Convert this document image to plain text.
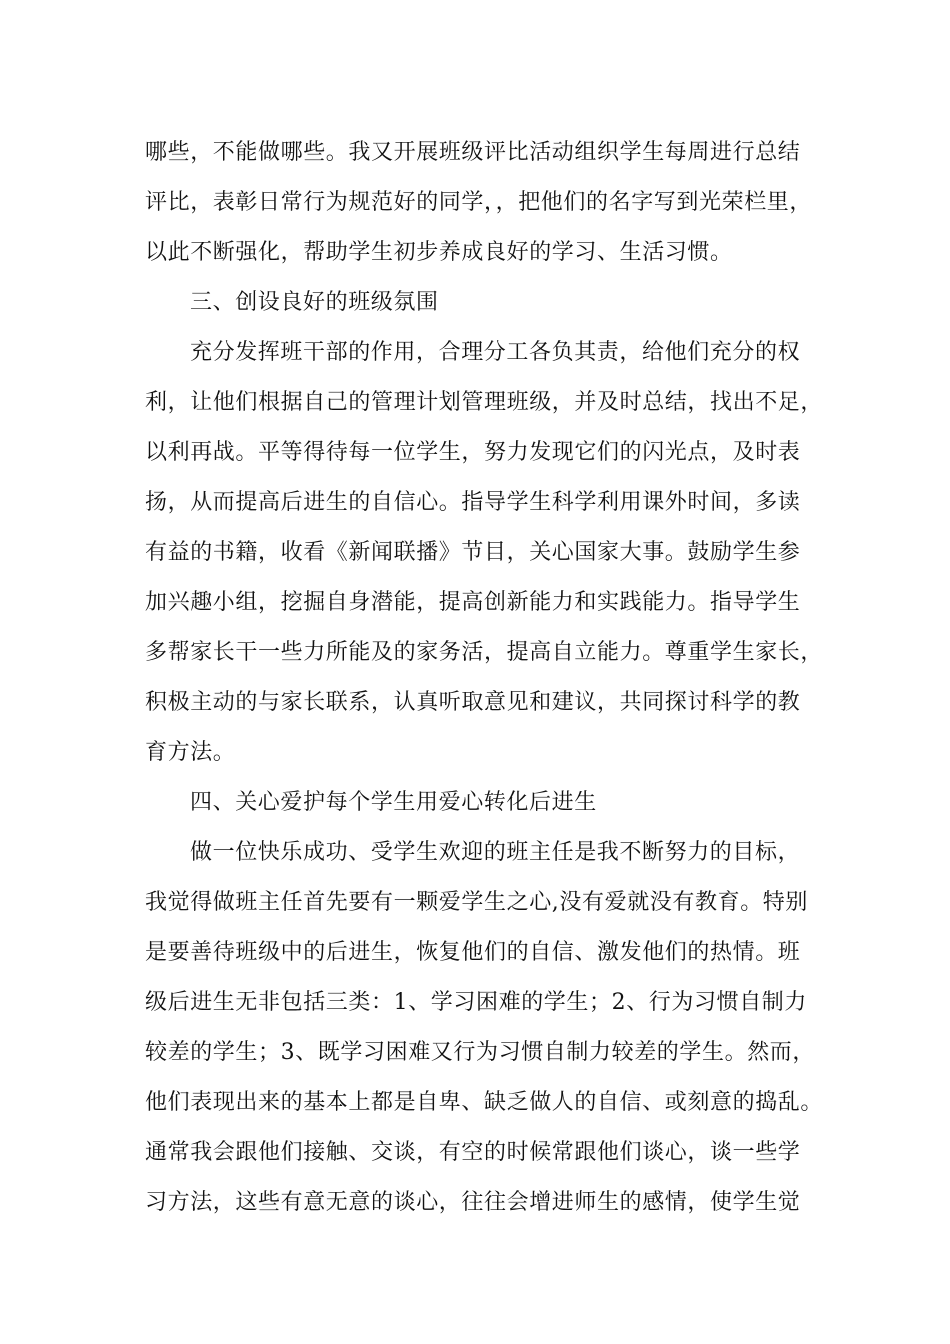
哪些，不能做哪些。我又开展班级评比活动组织学生每周进行总结
评比，表彰日常行为规范好的同学，，把他们的名字写到光荣栏里，
以此不断强化，帮助学生初步养成良好的学习、生活习惯。
三、创设良好的班级氛围
充分发挥班干部的作用，合理分工各负其责，给他们充分的权
利，让他们根据自己的管理计划管理班级，并及时总结，找出不足，
以利再战。平等得待每一位学生，努力发现它们的闪光点，及时表
扬，从而提高后进生的自信心。指导学生科学利用课外时间，多读
有益的书籍，收看《新闻联播》节目，关心国家大事。鼓励学生参
加兴趣小组，挖掘自身潜能，提高创新能力和实践能力。指导学生
多帮家长干一些力所能及的家务活，提高自立能力。尊重学生家长，
积极主动的与家长联系，认真听取意见和建议，共同探讨科学的教
育方法。
四、关心爱护每个学生用爱心转化后进生
做一位快乐成功、受学生欢迎的班主任是我不断努力的目标，
我觉得做班主任首先要有一颗爱学生之心,没有爱就没有教育。特别
是要善待班级中的后进生，恢复他们的自信、激发他们的热情。班
级后进生无非包括三类：1、学习困难的学生；2、行为习惯自制力
较差的学生；3、既学习困难又行为习惯自制力较差的学生。然而，
他们表现出来的基本上都是自卑、缺乏做人的自信、或刻意的捣乱。
通常我会跟他们接触、交谈，有空的时候常跟他们谈心，谈一些学
习方法，这些有意无意的谈心，往往会增进师生的感情，使学生觉
